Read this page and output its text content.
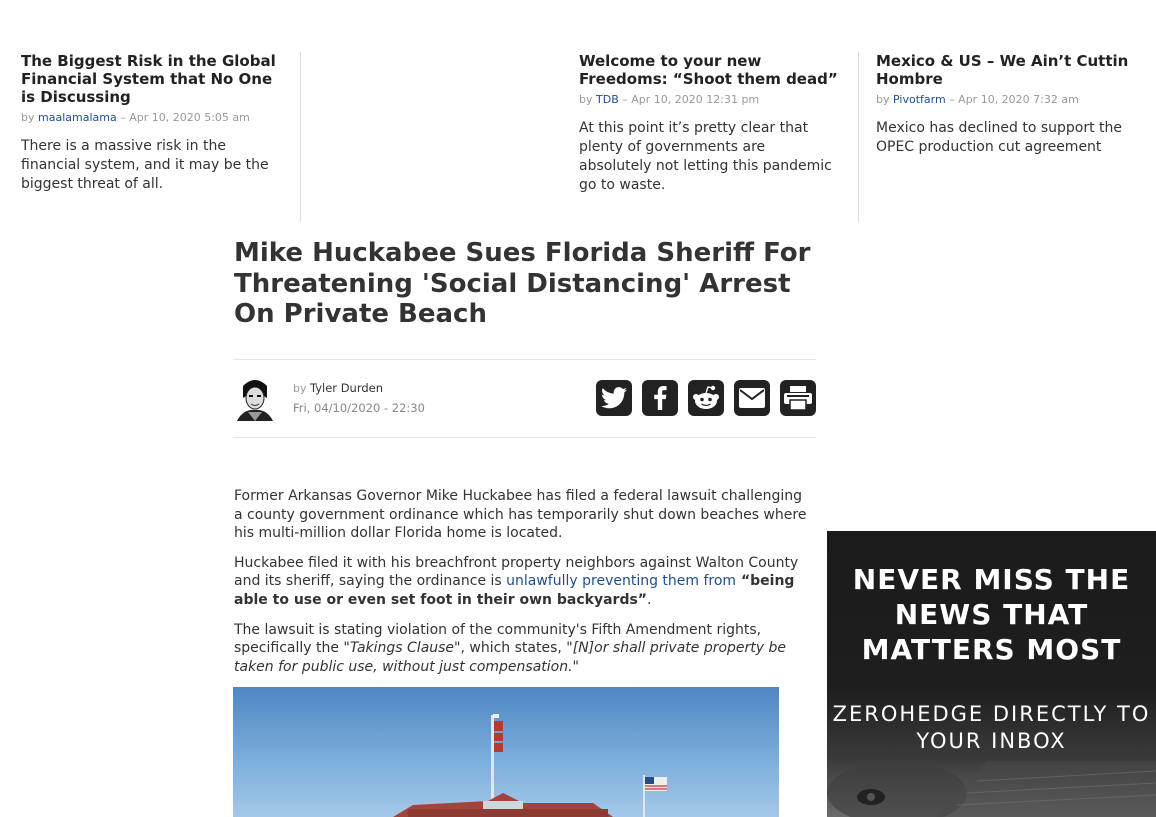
The Biggest Risk in the Global Financial System that No One is Discussing
by maalamalama – Apr 10, 2020 5:05 am

There is a massive risk in the financial system, and it may be the biggest threat of all.

Welcome to your new Freedoms: “Shoot them dead”
by TDB – Apr 10, 2020 12:31 pm

At this point it’s pretty clear that plenty of governments are absolutely not letting this pandemic go to waste.

Mexico & US – We Ain’t Cuttin Hombre
by Pivotfarm – Apr 10, 2020 7:32 am

Mexico has declined to support the OPEC production cut agreement

Mike Huckabee Sues Florida Sheriff For Threatening 'Social Distancing' Arrest On Private Beach
by Tyler Durden
Fri, 04/10/2020 - 22:30

Former Arkansas Governor Mike Huckabee has filed a federal lawsuit challenging a county government ordinance which has temporarily shut down beaches where his multi-million dollar Florida home is located.

Huckabee filed it with his breachfront property neighbors against Walton County and its sheriff, saying the ordinance is unlawfully preventing them from “being able to use or even set foot in their own backyards”.

The lawsuit is stating violation of the community's Fifth Amendment rights, specifically the "Takings Clause", which states, "[N]or shall private property be taken for public use, without just compensation."

NEVER MISS THE NEWS THAT MATTERS MOST
ZEROHEDGE DIRECTLY TO YOUR INBOX
